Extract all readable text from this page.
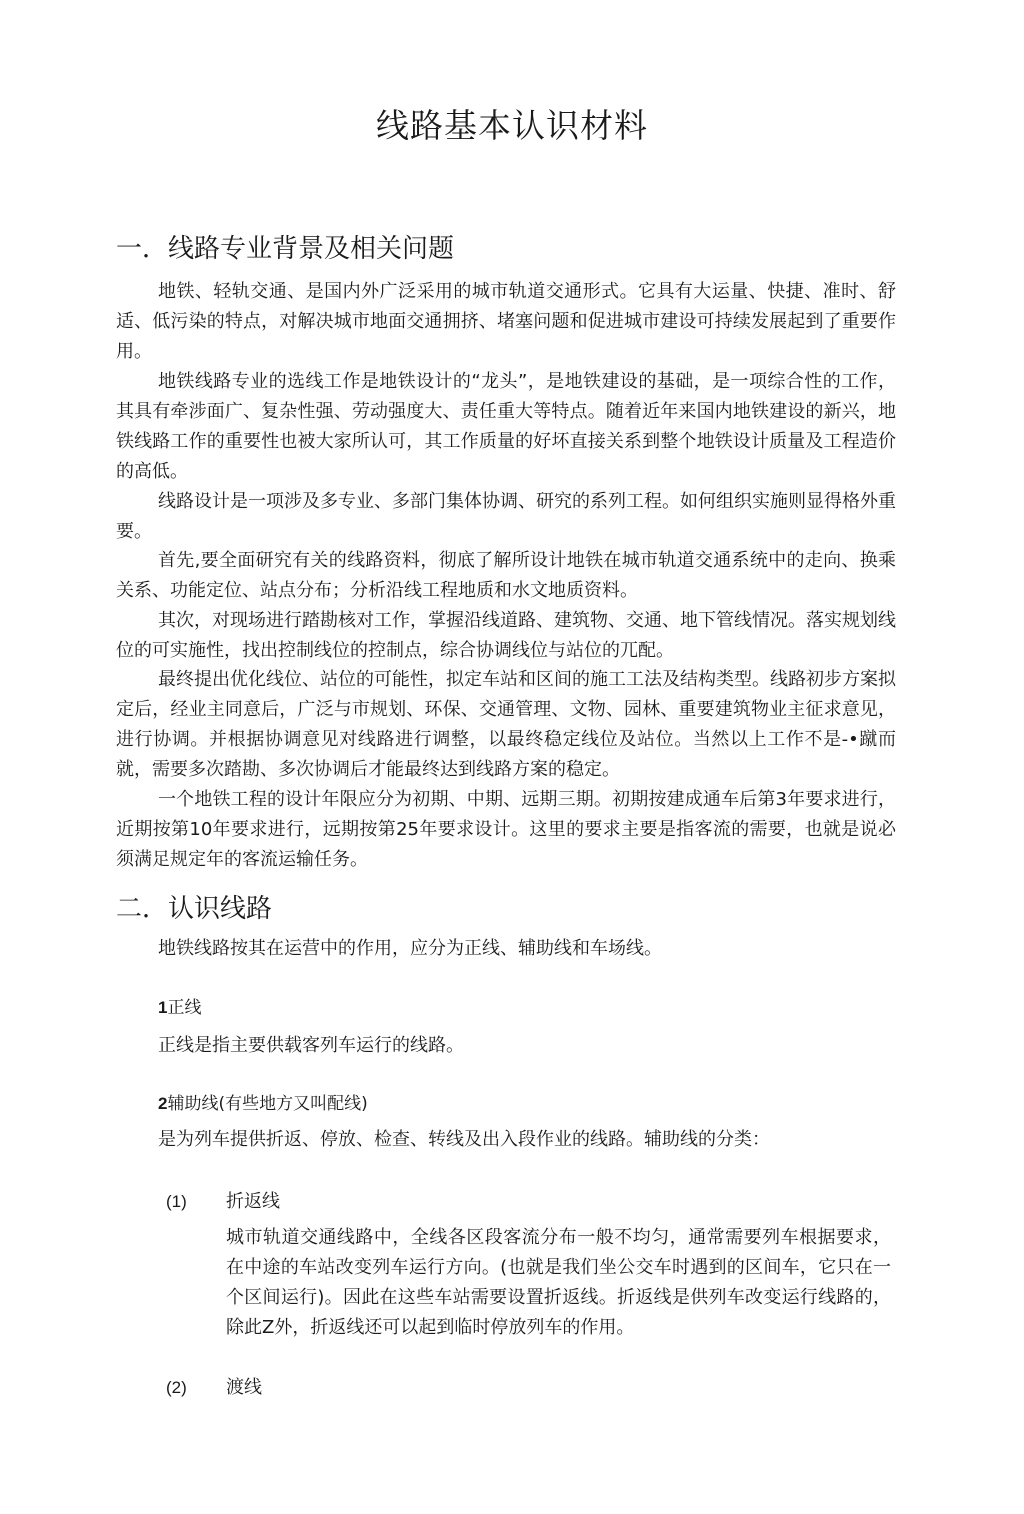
线路基本认识材料
一．线路专业背景及相关问题

地铁、轻轨交通、是国内外广泛采用的城市轨道交通形式。它具有大运量、快捷、准时、舒适、低污染的特点，对解决城市地面交通拥挤、堵塞问题和促进城市建设可持续发展起到了重要作用。

地铁线路专业的选线工作是地铁设计的“龙头”，是地铁建设的基础，是一项综合性的工作，其具有牵涉面广、复杂性强、劳动强度大、责任重大等特点。随着近年来国内地铁建设的新兴，地铁线路工作的重要性也被大家所认可，其工作质量的好坏直接关系到整个地铁设计质量及工程造价的高低。

线路设计是一项涉及多专业、多部门集体协调、研究的系列工程。如何组织实施则显得格外重要。

首先,要全面研究有关的线路资料，彻底了解所设计地铁在城市轨道交通系统中的走向、换乘关系、功能定位、站点分布；分析沿线工程地质和水文地质资料。

其次，对现场进行踏勘核对工作，掌握沿线道路、建筑物、交通、地下管线情况。落实规划线位的可实施性，找出控制线位的控制点，综合协调线位与站位的兀配。

最终提出优化线位、站位的可能性，拟定车站和区间的施工工法及结构类型。线路初步方案拟定后，经业主同意后，广泛与市规划、环保、交通管理、文物、园林、重要建筑物业主征求意见，进行协调。并根据协调意见对线路进行调整，以最终稳定线位及站位。当然以上工作不是-•蹴而就，需要多次踏勘、多次协调后才能最终达到线路方案的稳定。

一个地铁工程的设计年限应分为初期、中期、远期三期。初期按建成通车后第3年要求进行，近期按第10年要求进行，远期按第25年要求设计。这里的要求主要是指客流的需要，也就是说必须满足规定年的客流运输任务。

二．认识线路

地铁线路按其在运营中的作用，应分为正线、辅助线和车场线。

1正线

正线是指主要供载客列车运行的线路。

2辅助线(有些地方又叫配线)

是为列车提供折返、停放、检查、转线及出入段作业的线路。辅助线的分类：

(1) 折返线

城市轨道交通线路中，全线各区段客流分布一般不均匀，通常需要列车根据要求，在中途的车站改变列车运行方向。(也就是我们坐公交车时遇到的区间车，它只在一个区间运行)。因此在这些车站需要设置折返线。折返线是供列车改变运行线路的，除此Z外，折返线还可以起到临时停放列车的作用。

(2) 渡线
